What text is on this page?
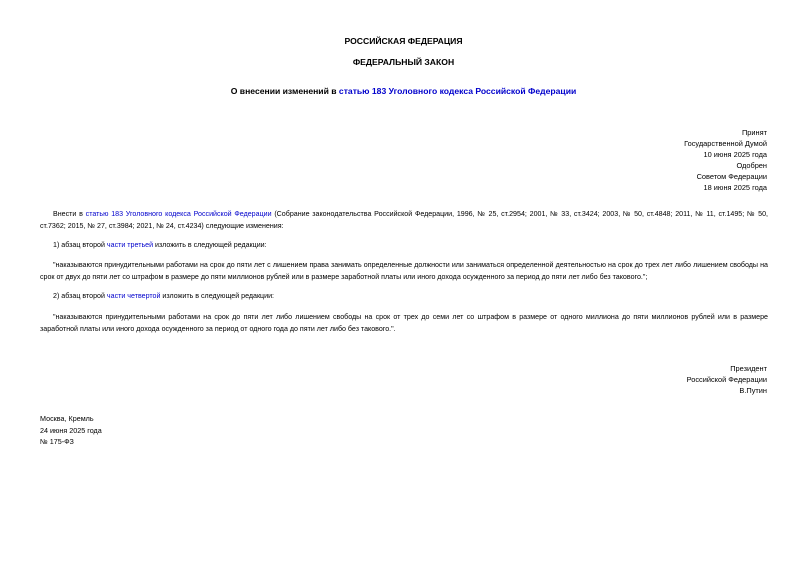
РОССИЙСКАЯ ФЕДЕРАЦИЯ
ФЕДЕРАЛЬНЫЙ ЗАКОН
О внесении изменений в статью 183 Уголовного кодекса Российской Федерации
Принят
Государственной Думой
10 июня 2025 года
Одобрен
Советом Федерации
18 июня 2025 года
Внести в статью 183 Уголовного кодекса Российской Федерации (Собрание законодательства Российской Федерации, 1996, № 25, ст.2954; 2001, № 33, ст.3424; 2003, № 50, ст.4848; 2011, № 11, ст.1495; № 50, ст.7362; 2015, № 27, ст.3984; 2021, № 24, ст.4234) следующие изменения:
1) абзац второй части третьей изложить в следующей редакции:
"наказываются принудительными работами на срок до пяти лет с лишением права занимать определенные должности или заниматься определенной деятельностью на срок до трех лет либо лишением свободы на срок от двух до пяти лет со штрафом в размере до пяти миллионов рублей или в размере заработной платы или иного дохода осужденного за период до пяти лет либо без такового.";
2) абзац второй части четвертой изложить в следующей редакции:
"наказываются принудительными работами на срок до пяти лет либо лишением свободы на срок от трех до семи лет со штрафом в размере от одного миллиона до пяти миллионов рублей или в размере заработной платы или иного дохода осужденного за период от одного года до пяти лет либо без такового.".
Президент
Российской Федерации
В.Путин
Москва, Кремль
24 июня 2025 года
№ 175-ФЗ
